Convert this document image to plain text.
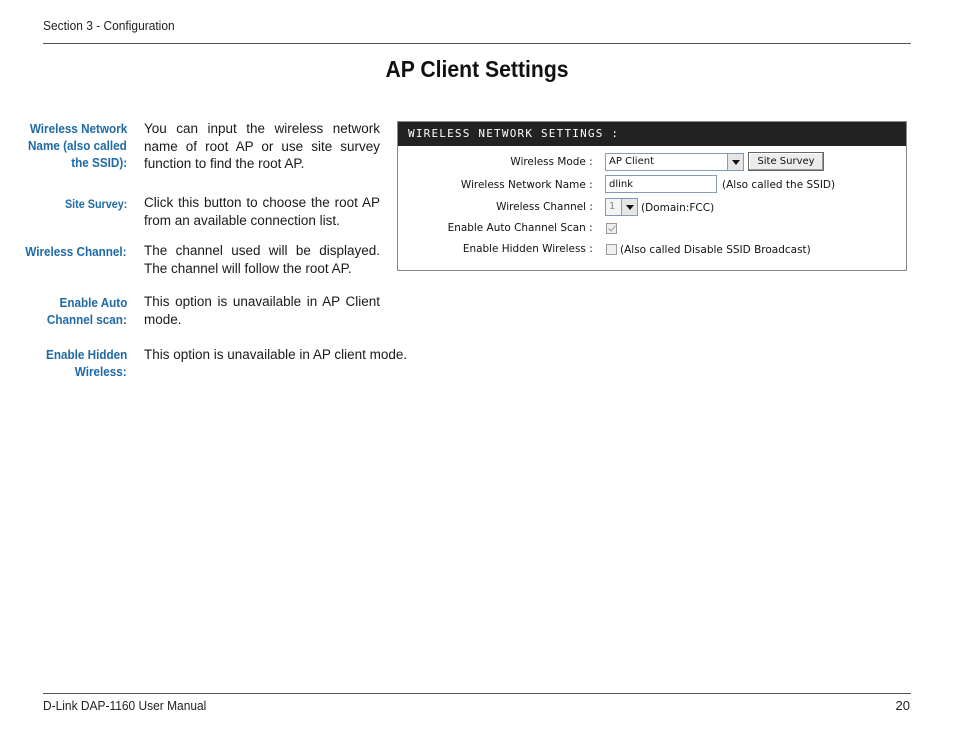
Section 3 - Configuration
AP Client Settings
Wireless Network
Name (also called
the SSID):
You can input the wireless network name of root AP or use site survey function to find the root AP.
Site Survey: Click this button to choose the root AP from an available connection list.
Wireless Channel: The channel used will be displayed. The channel will follow the root AP.
Enable Auto
Channel scan:
This option is unavailable in AP Client mode.
Enable Hidden
Wireless:
This option is unavailable in AP client mode.
WIRELESS NETWORK SETTINGS :
Wireless Mode :	AP Client	Site Survey
Wireless Network Name :
dlink	(Also called the SSID)
Wireless Channel :	1	(Domain:FCC)
Enable Auto Channel Scan :
Enable Hidden Wireless :	(Also called Disable SSID Broadcast)
D-Link DAP-1160 User Manual	20
